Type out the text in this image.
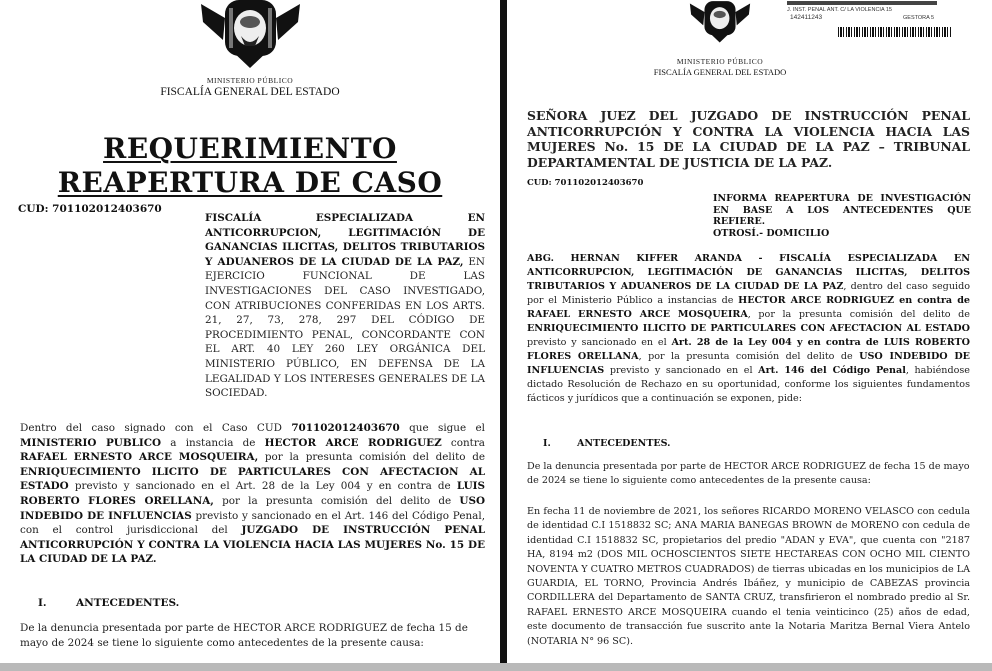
MINISTERIO PÚBLICO
FISCALÍA GENERAL DEL ESTADO
REQUERIMIENTO
REAPERTURA DE CASO
CUD: 701102012403670
FISCALÍA ESPECIALIZADA EN ANTICORRUPCION, LEGITIMACIÓN DE GANANCIAS ILICITAS, DELITOS TRIBUTARIOS Y ADUANEROS DE LA CIUDAD DE LA PAZ, EN EJERCICIO FUNCIONAL DE LAS INVESTIGACIONES DEL CASO INVESTIGADO, CON ATRIBUCIONES CONFERIDAS EN LOS ARTS. 21, 27, 73, 278, 297 DEL CÓDIGO DE PROCEDIMIENTO PENAL, CONCORDANTE CON EL ART. 40 LEY 260 LEY ORGÁNICA DEL MINISTERIO PÚBLICO, EN DEFENSA DE LA LEGALIDAD Y LOS INTERESES GENERALES DE LA SOCIEDAD.
Dentro del caso signado con el Caso CUD 701102012403670 que sigue el MINISTERIO PUBLICO a instancia de HECTOR ARCE RODRIGUEZ contra RAFAEL ERNESTO ARCE MOSQUEIRA, por la presunta comisión del delito de ENRIQUECIMIENTO ILICITO DE PARTICULARES CON AFECTACION AL ESTADO previsto y sancionado en el Art. 28 de la Ley 004 y en contra de LUIS ROBERTO FLORES ORELLANA, por la presunta comisión del delito de USO INDEBIDO DE INFLUENCIAS previsto y sancionado en el Art. 146 del Código Penal, con el control jurisdiccional del JUZGADO DE INSTRUCCIÓN PENAL ANTICORRUPCIÓN Y CONTRA LA VIOLENCIA HACIA LAS MUJERES No. 15 DE LA CIUDAD DE LA PAZ.
I.	ANTECEDENTES.
De la denuncia presentada por parte de HECTOR ARCE RODRIGUEZ de fecha 15 de mayo de 2024 se tiene lo siguiente como antecedentes de la presente causa:
MINISTERIO PÚBLICO
FISCALÍA GENERAL DEL ESTADO
J. INST. PENAL ANT. C/ LA VIOLENCIA 15
142411243	GESTORA 5
SEÑORA JUEZ DEL JUZGADO DE INSTRUCCIÓN PENAL ANTICORRUPCIÓN Y CONTRA LA VIOLENCIA HACIA LAS MUJERES No. 15 DE LA CIUDAD DE LA PAZ – TRIBUNAL DEPARTAMENTAL DE JUSTICIA DE LA PAZ.
CUD: 701102012403670
INFORMA REAPERTURA DE INVESTIGACIÓN EN BASE A LOS ANTECEDENTES QUE REFIERE.
OTROSÍ.- DOMICILIO
ABG. HERNAN KIFFER ARANDA - FISCALÍA ESPECIALIZADA EN ANTICORRUPCION, LEGITIMACIÓN DE GANANCIAS ILICITAS, DELITOS TRIBUTARIOS Y ADUANEROS DE LA CIUDAD DE LA PAZ, dentro del caso seguido por el Ministerio Público a instancias de HECTOR ARCE RODRIGUEZ en contra de RAFAEL ERNESTO ARCE MOSQUEIRA, por la presunta comisión del delito de ENRIQUECIMIENTO ILICITO DE PARTICULARES CON AFECTACION AL ESTADO previsto y sancionado en el Art. 28 de la Ley 004 y en contra de LUIS ROBERTO FLORES ORELLANA, por la presunta comisión del delito de USO INDEBIDO DE INFLUENCIAS previsto y sancionado en el Art. 146 del Código Penal, habiéndose dictado Resolución de Rechazo en su oportunidad, conforme los siguientes fundamentos fácticos y jurídicos que a continuación se exponen, pide:
I.	ANTECEDENTES.
De la denuncia presentada por parte de HECTOR ARCE RODRIGUEZ de fecha 15 de mayo de 2024 se tiene lo siguiente como antecedentes de la presente causa:
En fecha 11 de noviembre de 2021, los señores RICARDO MORENO VELASCO con cedula de identidad C.I 1518832 SC; ANA MARIA BANEGAS BROWN de MORENO con cedula de identidad C.I 1518832 SC, propietarios del predio "ADAN y EVA", que cuenta con "2187 HA, 8194 m2 (DOS MIL OCHOSCIENTOS SIETE HECTAREAS CON OCHO MIL CIENTO NOVENTA Y CUATRO METROS CUADRADOS) de tierras ubicadas en los municipios de LA GUARDIA, EL TORNO, Provincia Andrés Ibáñez, y municipio de CABEZAS provincia CORDILLERA del Departamento de SANTA CRUZ, transfirieron el nombrado predio al Sr. RAFAEL ERNESTO ARCE MOSQUEIRA cuando el tenia veinticinco (25) años de edad, este documento de transacción fue suscrito ante la Notaria Maritza Bernal Viera Antelo (NOTARIA N° 96 SC).
